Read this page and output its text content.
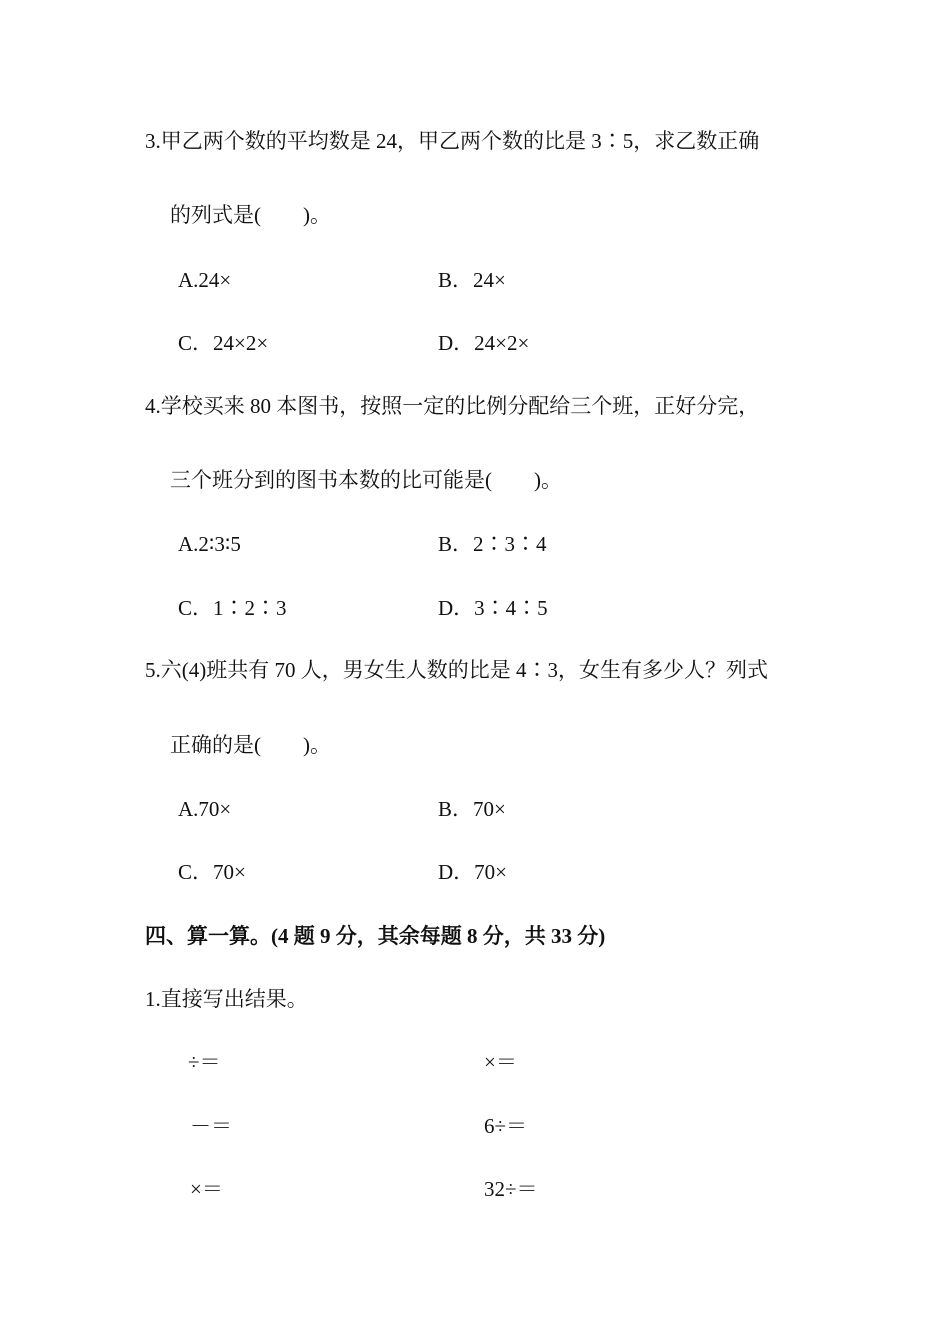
3.甲乙两个数的平均数是 24，甲乙两个数的比是 3∶5，求乙数正确
的列式是(　　)。
A.24×	B．24×
C．24×2×	D．24×2×
4.学校买来 80 本图书，按照一定的比例分配给三个班，正好分完，
三个班分到的图书本数的比可能是(　　)。
A.2∶3∶5	B．2∶3∶4
C．1∶2∶3	D．3∶4∶5
5.六(4)班共有 70 人，男女生人数的比是 4∶3，女生有多少人？列式
正确的是(　　)。
A.70×	B．70×
C．70×	D．70×
四、算一算。(4 题 9 分，其余每题 8 分，共 33 分)
1.直接写出结果。
÷＝	×＝
－＝	6÷＝
×＝	32÷＝
